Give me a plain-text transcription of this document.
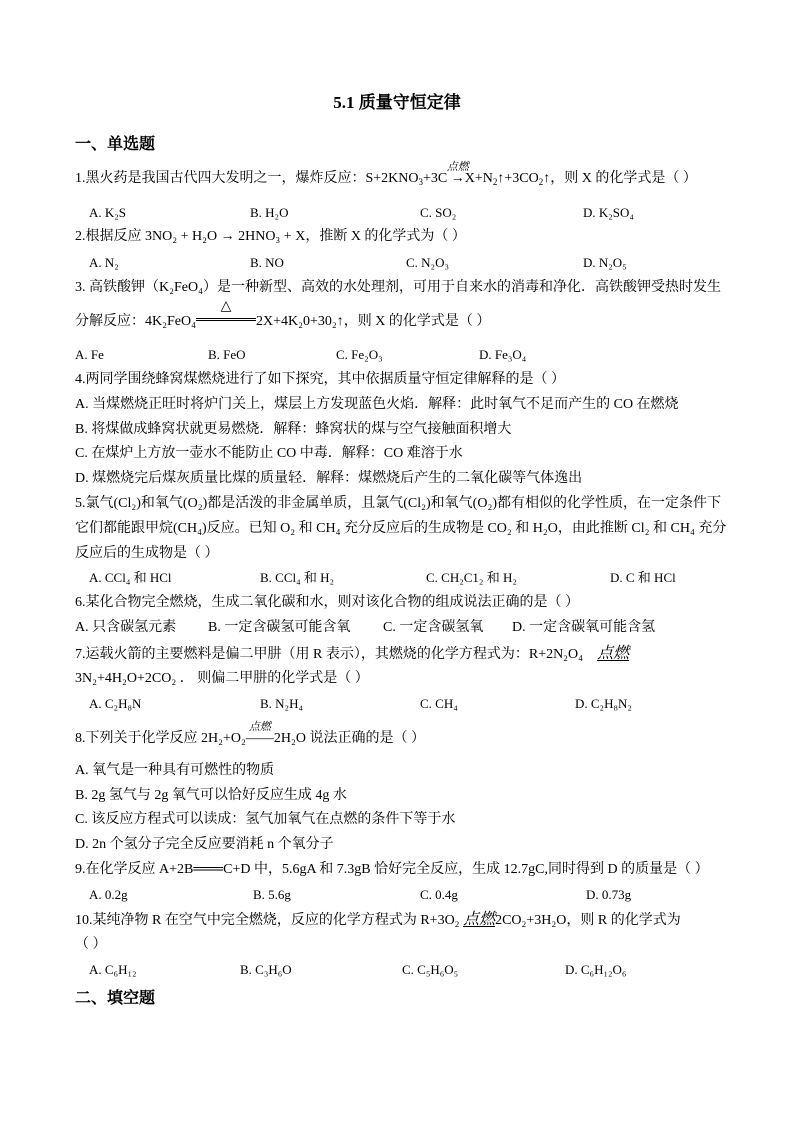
5.1 质量守恒定律
一、单选题
1.黑火药是我国古代四大发明之一，爆炸反应：$S+2KNO_3+3C$
点燃
$\to X+N_2↑+3CO_2↑$，则 X 的化学式是（ ）
A. K₂S	B. H₂O	C. SO₂	D. K₂SO₄
2.根据反应 3NO₂ + H₂O → 2HNO₃ + X，推断 X 的化学式为（ ）
A. N₂	B. NO	C. N₂O₃	D. N₂O₅
3. 高铁酸钾（K₂FeO₄）是一种新型、高效的水处理剂，可用于自来水的消毒和净化．高铁酸钾受热时发生
分解反应：4K₂FeO₄
△
2X+4K₂0+30₂↑，则 X 的化学式是（ ）
A. Fe	B. FeO	C. Fe₂O₃	D. Fe₃O₄
4.两同学围绕蜂窝煤燃烧进行了如下探究，其中依据质量守恒定律解释的是（ ）
A. 当煤燃烧正旺时将炉门关上，煤层上方发现蓝色火焰．解释：此时氧气不足而产生的 CO 在燃烧
B. 将煤做成蜂窝状就更易燃烧．解释：蜂窝状的煤与空气接触面积增大
C. 在煤炉上方放一壶水不能防止 CO 中毒．解释：CO 难溶于水
D. 煤燃烧完后煤灰质量比煤的质量轻．解释：煤燃烧后产生的二氧化碳等气体逸出
5.氯气(Cl₂)和氧气(O₂)都是活泼的非金属单质，且氯气(Cl₂)和氧气(O₂)都有相似的化学性质，在一定条件下
它们都能跟甲烷(CH₄)反应。已知 O₂ 和 CH₄ 充分反应后的生成物是 CO₂ 和 H₂O，由此推断 Cl₂ 和 CH₄ 充分
反应后的生成物是（ ）
A. CCl₄ 和 HCl	B. CCl₄ 和 H₂	C. CH₂C1₂ 和 H₂	D. C 和 HCl
6.某化合物完全燃烧，生成二氧化碳和水，则对该化合物的组成说法正确的是（ ）
A. 只含碳氢元素 B. 一定含碳氢可能含氧 C. 一定含碳氢氧 D. 一定含碳氧可能含氢
7.运载火箭的主要燃料是偏二甲肼（用 R 表示），其燃烧的化学方程式为：R+2N₂O₄ 点燃
3N₂+4H₂O+2CO₂ ． 则偏二甲肼的化学式是（ ）
A. C₂H₈N	B. N₂H₄	C. CH₄	D. C₂H₈N₂
8.下列关于化学反应 2H₂+O₂
点燃
——2H₂O 说法正确的是（ ）
A. 氧气是一种具有可燃性的物质
B. 2g 氢气与 2g 氧气可以恰好反应生成 4g 水
C. 该反应方程式可以读成：氢气加氧气在点燃的条件下等于水
D. 2n 个氢分子完全反应要消耗 n 个氧分子
9.在化学反应 A+2B═══C+D 中，5.6gA 和 7.3gB 恰好完全反应，生成 12.7gC,同时得到 D 的质量是（ ）
A. 0.2g	B. 5.6g	C. 0.4g	D. 0.73g
10.某纯净物 R 在空气中完全燃烧，反应的化学方程式为 R+3O₂ 点燃2CO₂+3H₂O，则 R 的化学式为
（ ）
A. C₆H₁₂	B. C₃H₆O	C. C₅H₆O₅	D. C₆H₁₂O₆
二、填空题
